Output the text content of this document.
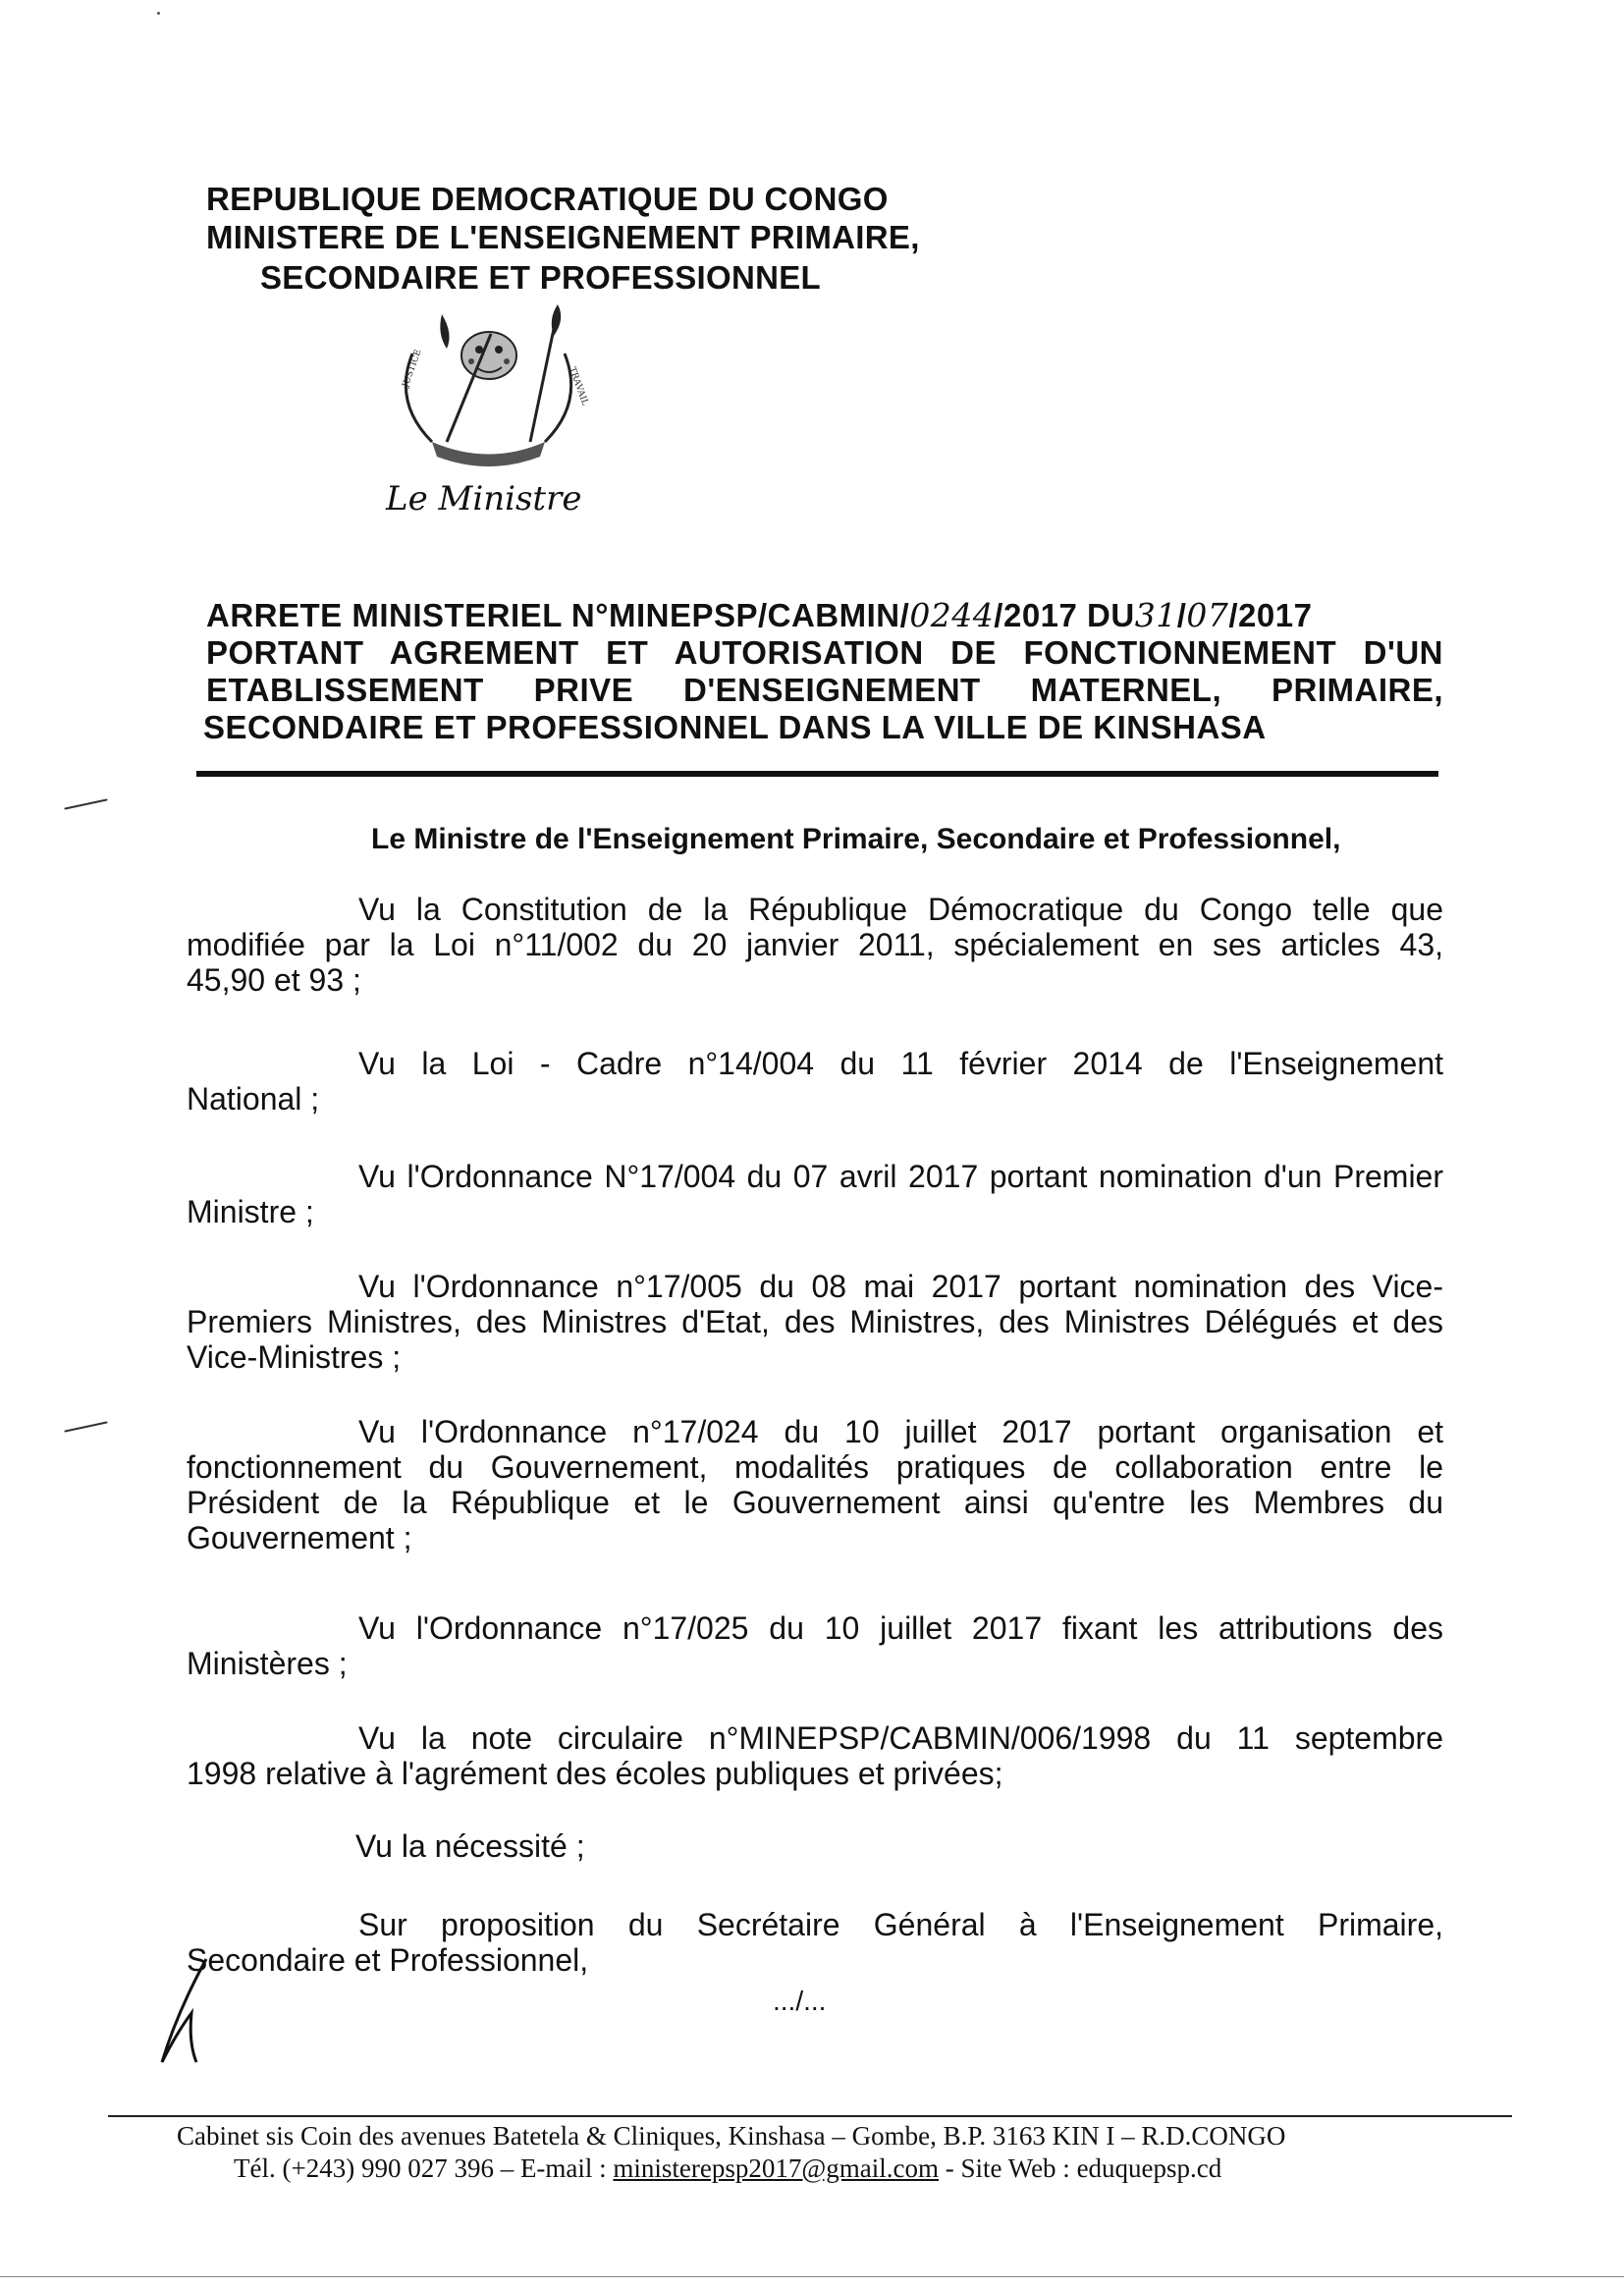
REPUBLIQUE DEMOCRATIQUE DU CONGO
MINISTERE DE L'ENSEIGNEMENT PRIMAIRE,
SECONDAIRE ET PROFESSIONNEL
PAIX
JUSTICE	TRAVAIL
Le Ministre
ARRETE MINISTERIEL N°MINEPSP/CABMIN/ 0244 /2017 DU 31 / 07 /2017
PORTANT AGREMENT ET AUTORISATION DE FONCTIONNEMENT D'UN
ETABLISSEMENT PRIVE D'ENSEIGNEMENT MATERNEL, PRIMAIRE,
SECONDAIRE ET PROFESSIONNEL DANS LA VILLE DE KINSHASA
Le Ministre de l'Enseignement Primaire, Secondaire et Professionnel,
Vu la Constitution de la République Démocratique du Congo telle que
modifiée par la Loi n°11/002 du 20 janvier 2011, spécialement en ses articles 43,
45,90 et 93 ;
Vu la Loi - Cadre n°14/004 du 11 février 2014 de l'Enseignement
National ;
Vu l'Ordonnance N°17/004 du 07 avril 2017 portant nomination d'un Premier
Ministre ;
Vu l'Ordonnance n°17/005 du 08 mai 2017 portant nomination des Vice-
Premiers Ministres, des Ministres d'Etat, des Ministres, des Ministres Délégués et des
Vice-Ministres ;
Vu l'Ordonnance n°17/024 du 10 juillet 2017 portant organisation et
fonctionnement du Gouvernement, modalités pratiques de collaboration entre le
Président de la République et le Gouvernement ainsi qu'entre les Membres du
Gouvernement ;
Vu l'Ordonnance n°17/025 du 10 juillet 2017 fixant les attributions des
Ministères ;
Vu la note circulaire n°MINEPSP/CABMIN/006/1998 du 11 septembre
1998 relative à l'agrément des écoles publiques et privées;
Vu la nécessité ;
Sur proposition du Secrétaire Général à l'Enseignement Primaire,
Secondaire et Professionnel,
.../...
Cabinet sis Coin des avenues Batetela & Cliniques, Kinshasa – Gombe, B.P. 3163 KIN I – R.D.CONGO
Tél. (+243) 990 027 396 – E-mail : ministerepsp2017@gmail.com - Site Web : eduquepsp.cd
